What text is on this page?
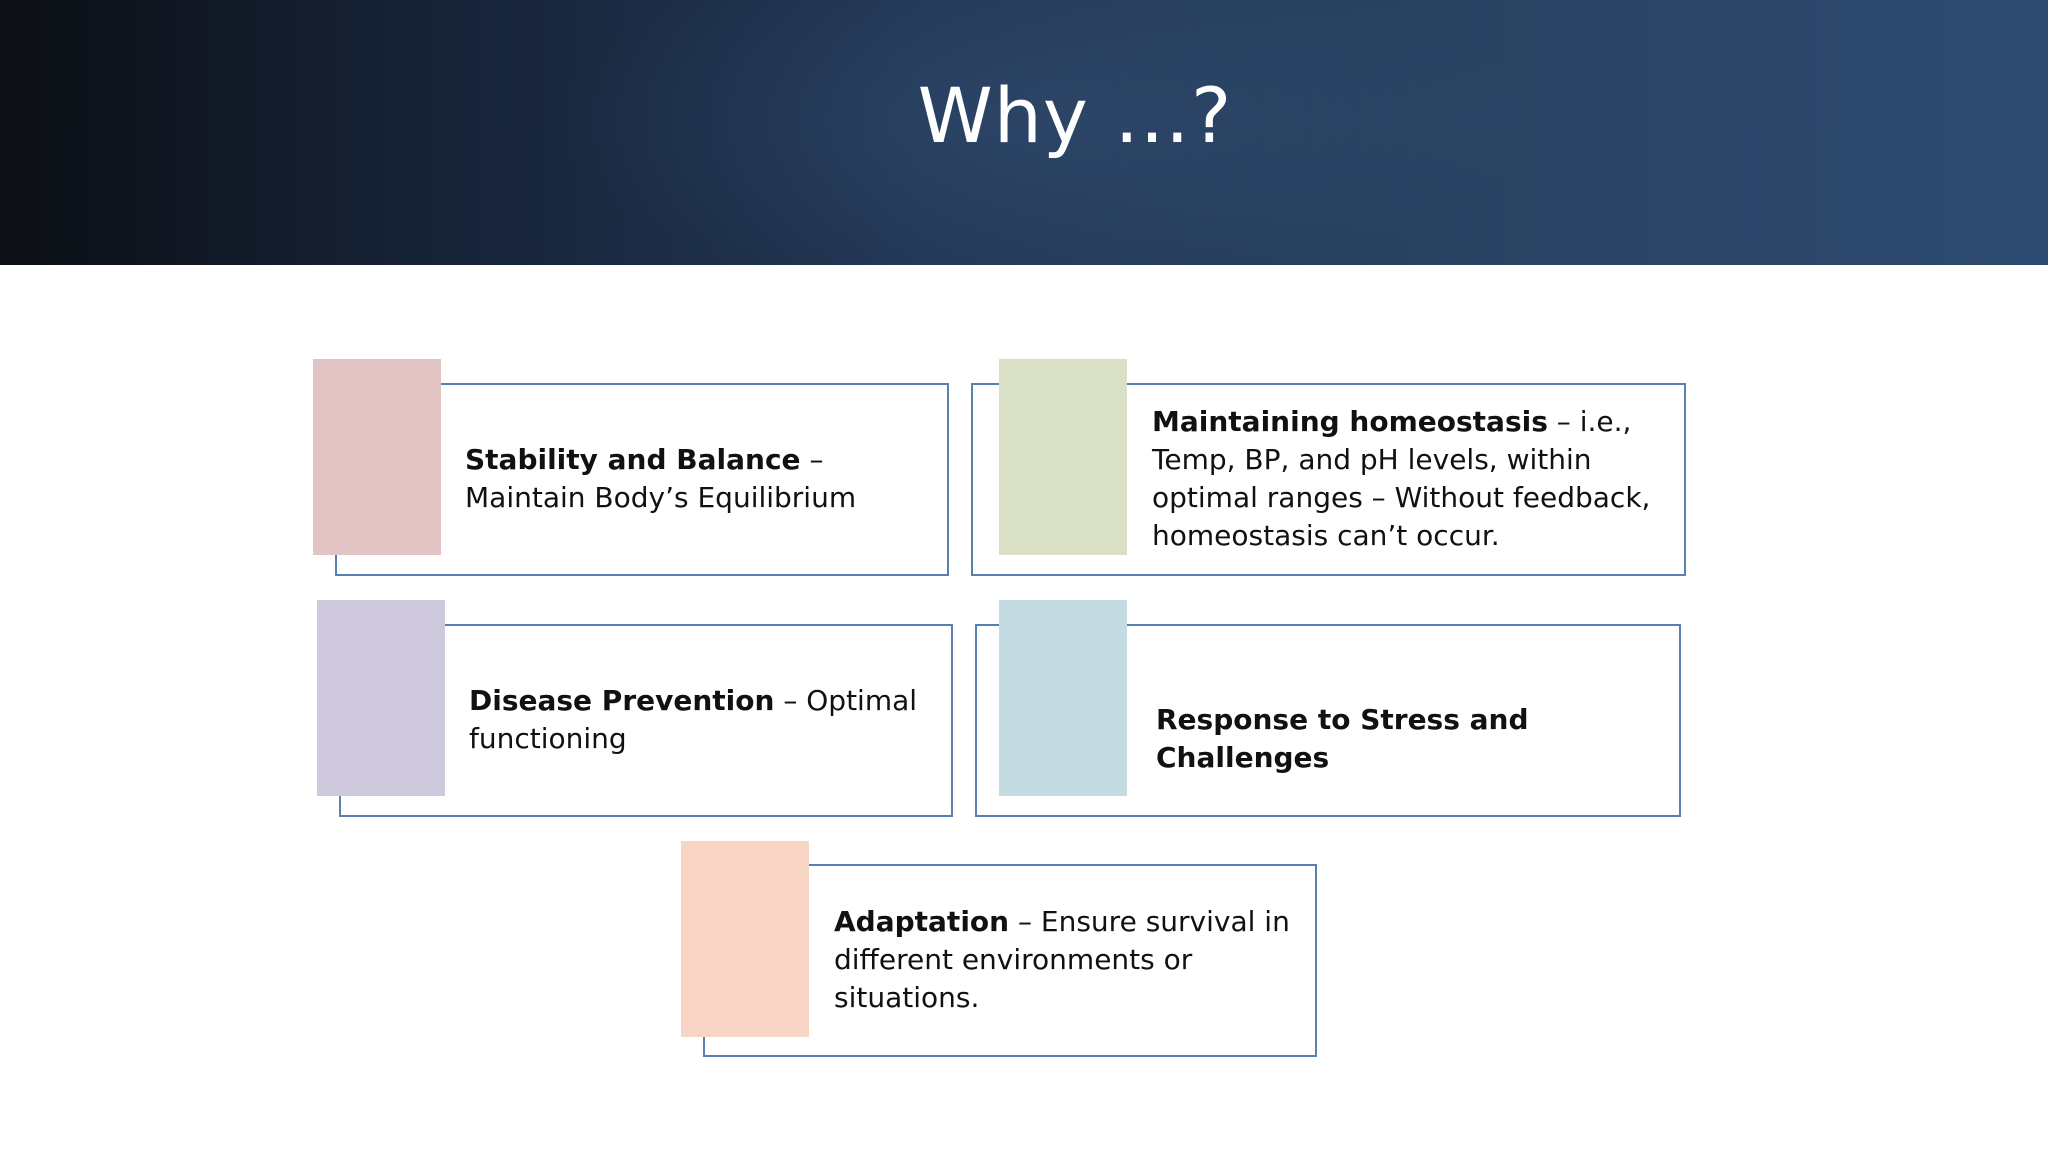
Why …?
Stability and Balance – Maintain Body’s Equilibrium
Maintaining homeostasis – i.e., Temp, BP, and pH levels, within optimal ranges – Without feedback, homeostasis can’t occur.
Disease Prevention – Optimal functioning
Response to Stress and Challenges
Adaptation – Ensure survival in different environments or situations.
